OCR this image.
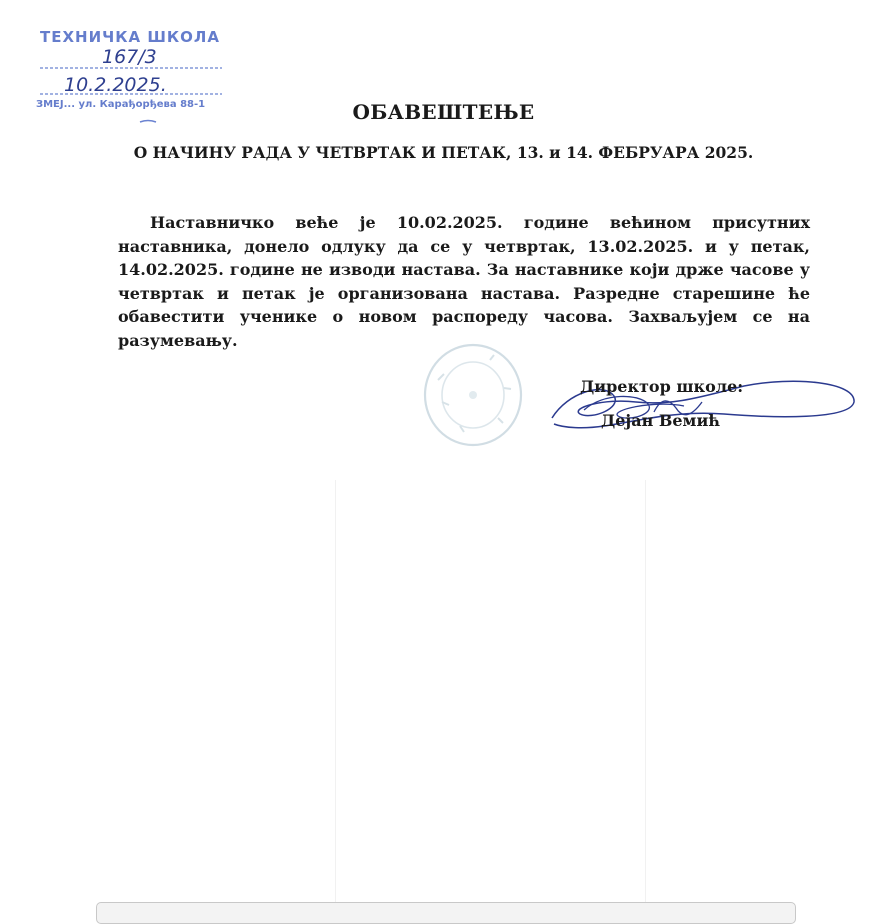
ТЕХНИЧКА ШКОЛА
167/3
10.2.2025.
ЗМЕЈ... ул. Карађорђева 88-1	ОБАВЕШТЕЊЕ
О НАЧИНУ РАДА У ЧЕТВРТАК И ПЕТАК, 13. и 14. ФЕБРУАРА 2025.

Наставничко веће је 10.02.2025. године већином присутних наставника, донело одлуку да се у четвртак, 13.02.2025. и у петак, 14.02.2025. године не изводи настава. За наставнике који држе часове у четвртак и петак је организована настава. Разредне старешине ће обавестити ученике о новом распореду часова. Захваљујем се на разумевању.

Директор школе:
Дејан Вемић
